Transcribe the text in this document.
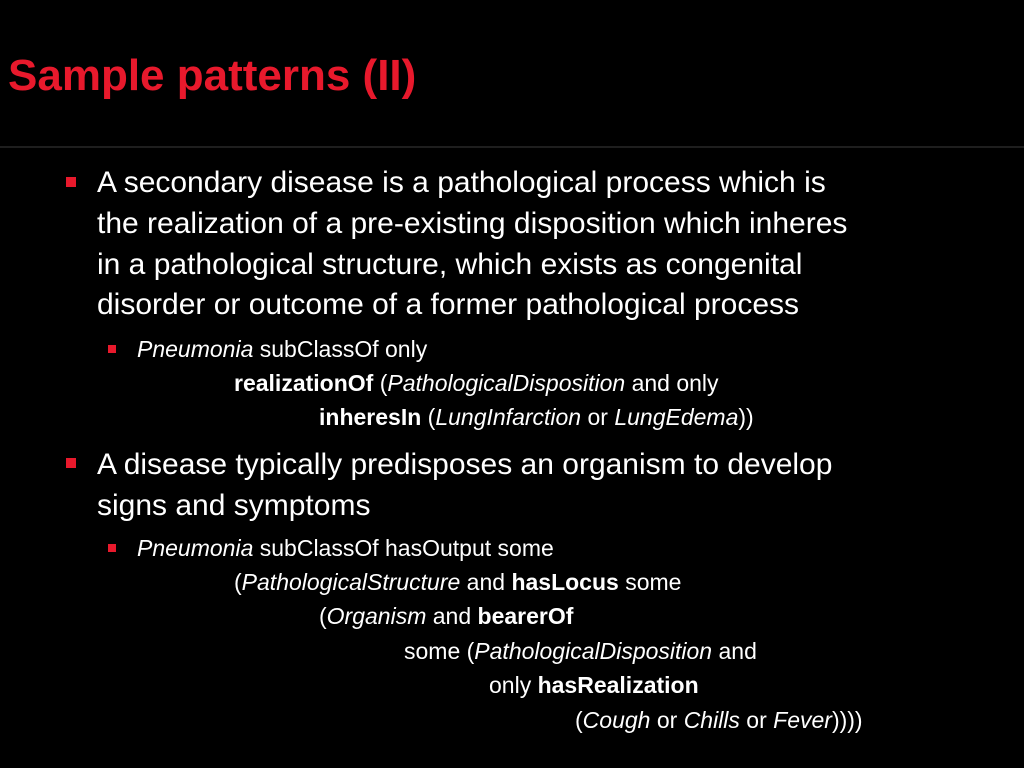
Sample patterns (II)
A secondary disease is a pathological process which is
the realization of a pre-existing disposition which inheres
in a pathological structure, which exists as congenital
disorder or outcome of a former pathological process
Pneumonia subClassOf only
realizationOf (PathologicalDisposition and only
inheresIn (LungInfarction or LungEdema))
A disease typically predisposes an organism to develop
signs and symptoms
Pneumonia subClassOf hasOutput some
(PathologicalStructure and hasLocus some
(Organism and bearerOf
some (PathologicalDisposition and
only hasRealization
(Cough or Chills or Fever))))
